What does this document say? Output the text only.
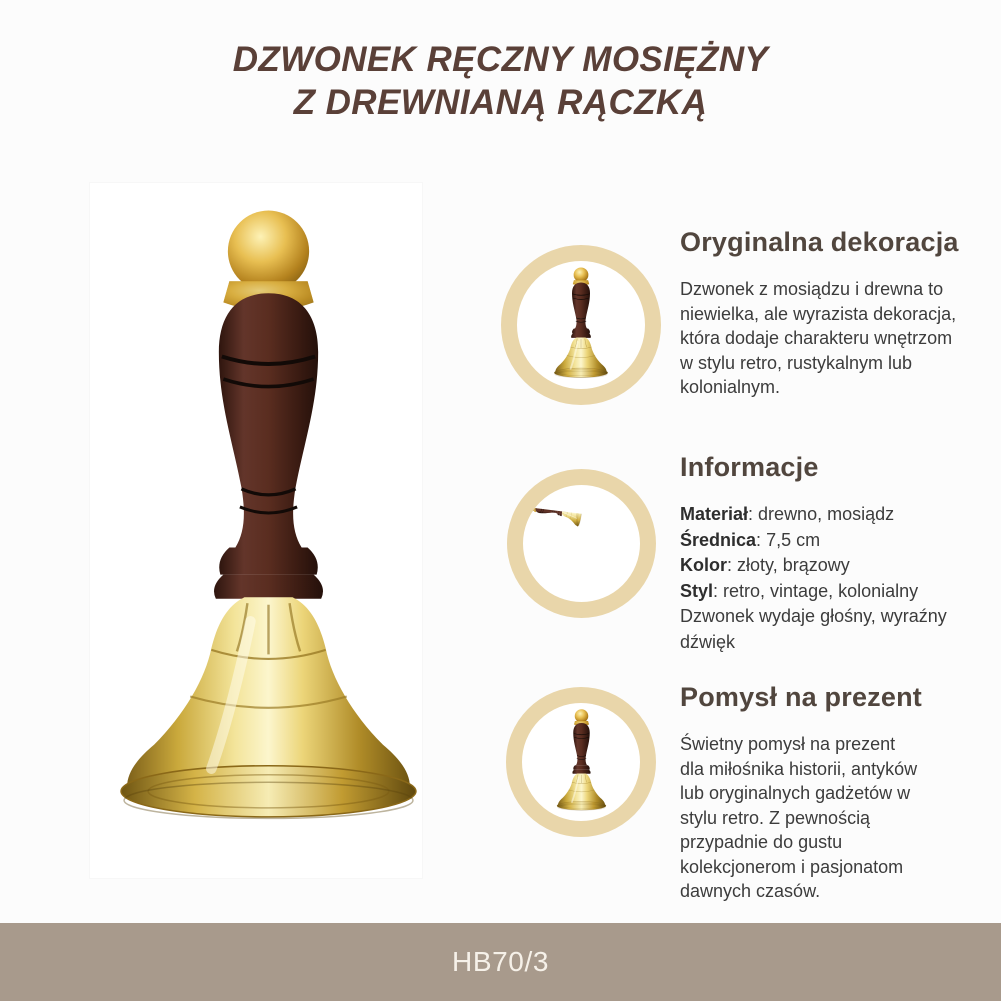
DZWONEK RĘCZNY MOSIĘŻNY
Z DREWNIANĄ RĄCZKĄ
Oryginalna dekoracja

Dzwonek z mosiądzu i drewna to niewielka, ale wyrazista dekoracja, która dodaje charakteru wnętrzom w stylu retro, rustykalnym lub kolonialnym.

Informacje
Materiał: drewno, mosiądz
Średnica: 7,5 cm
Kolor: złoty, brązowy
Styl: retro, vintage, kolonialny
Dzwonek wydaje głośny, wyraźny dźwięk
Pomysł na prezent

Świetny pomysł na prezent dla miłośnika historii, antyków lub oryginalnych gadżetów w stylu retro. Z pewnością przypadnie do gustu kolekcjonerom i pasjonatom dawnych czasów.

HB70/3
